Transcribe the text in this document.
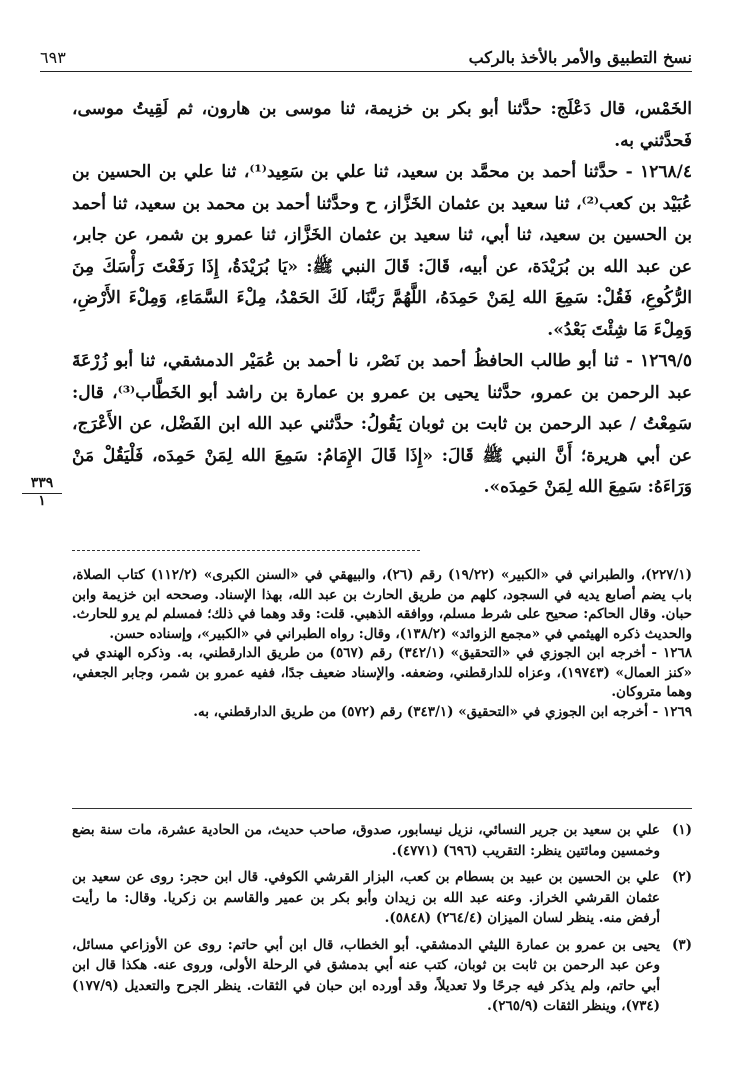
نسخ التطبيق والأمر بالأخذ بالركب
٦٩٣

الخَمْس، قال دَعْلَج: حدَّثنا أبو بكر بن خزيمة، ثنا موسى بن هارون، ثم لَقِيتُ موسى، فَحدَّثني به.

١٢٦٨/٤ - حدَّثنا أحمد بن محمَّد بن سعيد، ثنا علي بن سَعِيد⁽¹⁾، ثنا علي بن الحسين بن عُبَيْد بن كعب⁽²⁾، ثنا سعيد بن عثمان الخَزَّاز، ح وحدَّثنا أحمد بن محمد بن سعيد، ثنا أحمد بن الحسين بن سعيد، ثنا أبي، ثنا سعيد بن عثمان الخَزَّاز، ثنا عمرو بن شمر، عن جابر، عن عبد الله بن بُرَيْدَة، عن أبيه، قَالَ: قَالَ النبي ﷺ: «يَا بُرَيْدَةُ، إِذَا رَفَعْتَ رَأْسَكَ مِنَ الرُّكُوعِ، فَقُلْ: سَمِعَ الله لِمَنْ حَمِدَهُ، اللَّهُمَّ رَبَّنَا، لَكَ الحَمْدُ، مِلْءَ السَّمَاءِ، وَمِلْءَ الأَرْضِ، وَمِلْءَ مَا شِئْتَ بَعْدُ».

١٢٦٩/٥ - ثنا أبو طالب الحافظُ أحمد بن نَصْر، نا أحمد بن عُمَيْر الدمشقي، ثنا أبو زُرْعَةَ عبد الرحمن بن عمرو، حدَّثنا يحيى بن عمرو بن عمارة بن راشد أبو الخَطَّاب⁽³⁾، قال: سَمِعْتُ / عبد الرحمن بن ثابت بن ثوبان يَقُولُ: حدَّثني عبد الله ابن الفَضْل، عن الأَعْرَج، عن أبي هريرة؛ أَنَّ النبي ﷺ قَالَ: «إِذَا قَالَ الإِمَامُ: سَمِعَ الله لِمَنْ حَمِدَه، فَلْيَقُلْ مَنْ وَرَاءَهُ: سَمِعَ الله لِمَنْ حَمِدَه».

٣٣٩
١

(٢٢٧/١)، والطبراني في «الكبير» (١٩/٢٢) رقم (٢٦)، والبيهقي في «السنن الكبرى» (١١٢/٢) كتاب الصلاة، باب يضم أصابع يديه في السجود، كلهم من طريق الحارث بن عبد الله، بهذا الإسناد. وصححه ابن خزيمة وابن حبان. وقال الحاكم: صحيح على شرط مسلم، ووافقه الذهبي. قلت: وقد وهما في ذلك؛ فمسلم لم يرو للحارث. والحديث ذكره الهيثمي في «مجمع الزوائد» (١٣٨/٢)، وقال: رواه الطبراني في «الكبير»، وإسناده حسن.

١٢٦٨ - أخرجه ابن الجوزي في «التحقيق» (٣٤٢/١) رقم (٥٦٧) من طريق الدارقطني، به. وذكره الهندي في «كنز العمال» (١٩٧٤٣)، وعزاه للدارقطني، وضعفه. والإسناد ضعيف جدًا، ففيه عمرو بن شمر، وجابر الجعفي، وهما متروكان.

١٢٦٩ - أخرجه ابن الجوزي في «التحقيق» (٣٤٣/١) رقم (٥٧٢) من طريق الدارقطني، به.

(١)
علي بن سعيد بن جرير النسائي، نزيل نيسابور، صدوق، صاحب حديث، من الحادية عشرة، مات سنة بضع وخمسين ومائتين ينظر: التقريب (٦٩٦) (٤٧٧١).
(٢)
علي بن الحسين بن عبيد بن بسطام بن كعب، البزار القرشي الكوفي. قال ابن حجر: روى عن سعيد بن عثمان القرشي الخراز. وعنه عبد الله بن زيدان وأبو بكر بن عمير والقاسم بن زكريا. وقال: ما رأيت أرفض منه. ينظر لسان الميزان (٢٦٤/٤) (٥٨٤٨).
(٣)
يحيى بن عمرو بن عمارة الليثي الدمشقي. أبو الخطاب، قال ابن أبي حاتم: روى عن الأوزاعي مسائل، وعن عبد الرحمن بن ثابت بن ثوبان، كتب عنه أبي بدمشق في الرحلة الأولى، وروى عنه. هكذا قال ابن أبي حاتم، ولم يذكر فيه جرحًا ولا تعديلاً، وقد أورده ابن حبان في الثقات. ينظر الجرح والتعديل (١٧٧/٩) (٧٣٤)، وينظر الثقات (٢٦٥/٩).
